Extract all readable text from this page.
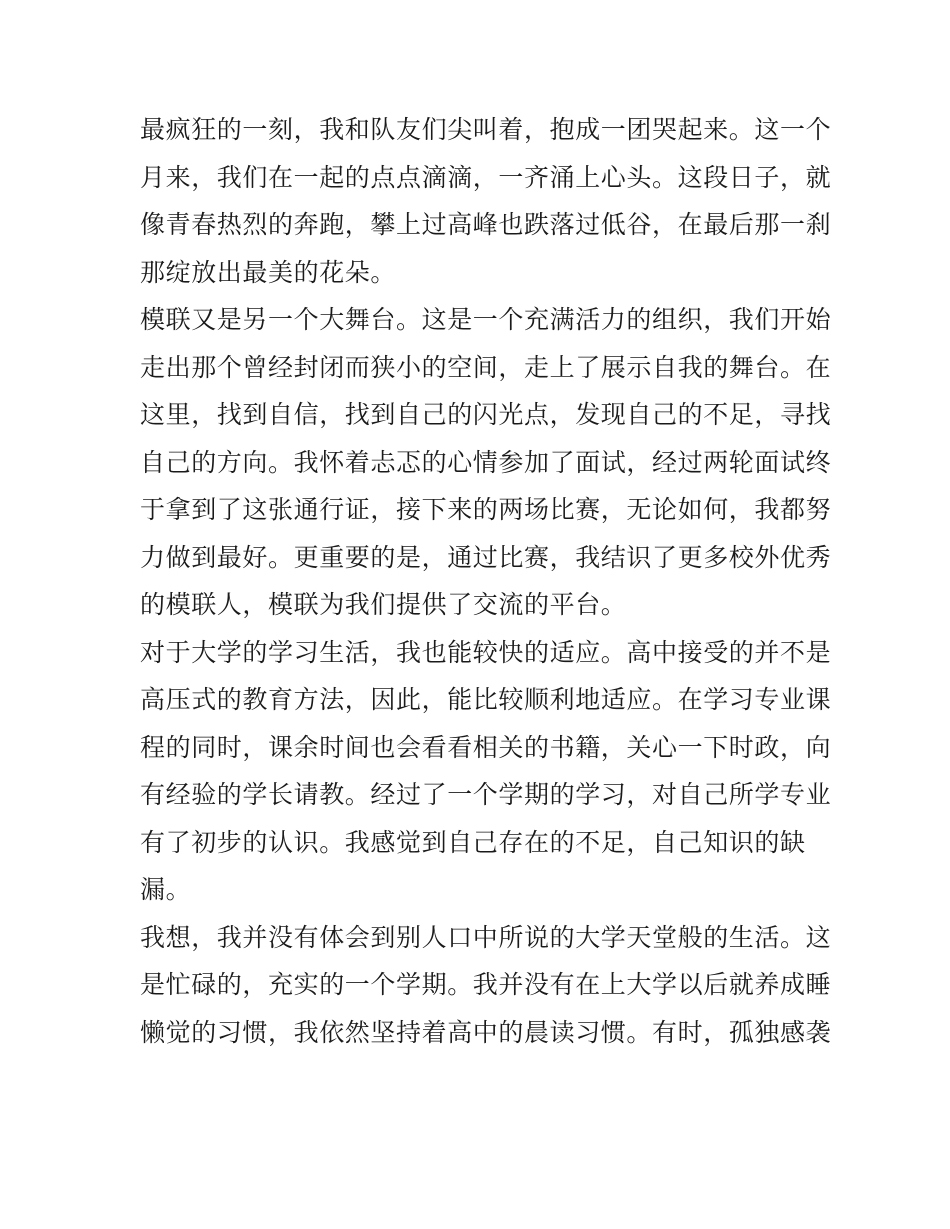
最疯狂的一刻，我和队友们尖叫着，抱成一团哭起来。这一个
月来，我们在一起的点点滴滴，一齐涌上心头。这段日子，就
像青春热烈的奔跑，攀上过高峰也跌落过低谷，在最后那一刹
那绽放出最美的花朵。

模联又是另一个大舞台。这是一个充满活力的组织，我们开始
走出那个曾经封闭而狭小的空间，走上了展示自我的舞台。在
这里，找到自信，找到自己的闪光点，发现自己的不足，寻找
自己的方向。我怀着忐忑的心情参加了面试，经过两轮面试终
于拿到了这张通行证，接下来的两场比赛，无论如何，我都努
力做到最好。更重要的是，通过比赛，我结识了更多校外优秀
的模联人，模联为我们提供了交流的平台。

对于大学的学习生活，我也能较快的适应。高中接受的并不是
高压式的教育方法，因此，能比较顺利地适应。在学习专业课
程的同时，课余时间也会看看相关的书籍，关心一下时政，向
有经验的学长请教。经过了一个学期的学习，对自己所学专业
有了初步的认识。我感觉到自己存在的不足，自己知识的缺
漏。

我想，我并没有体会到别人口中所说的大学天堂般的生活。这
是忙碌的，充实的一个学期。我并没有在上大学以后就养成睡
懒觉的习惯，我依然坚持着高中的晨读习惯。有时，孤独感袭
